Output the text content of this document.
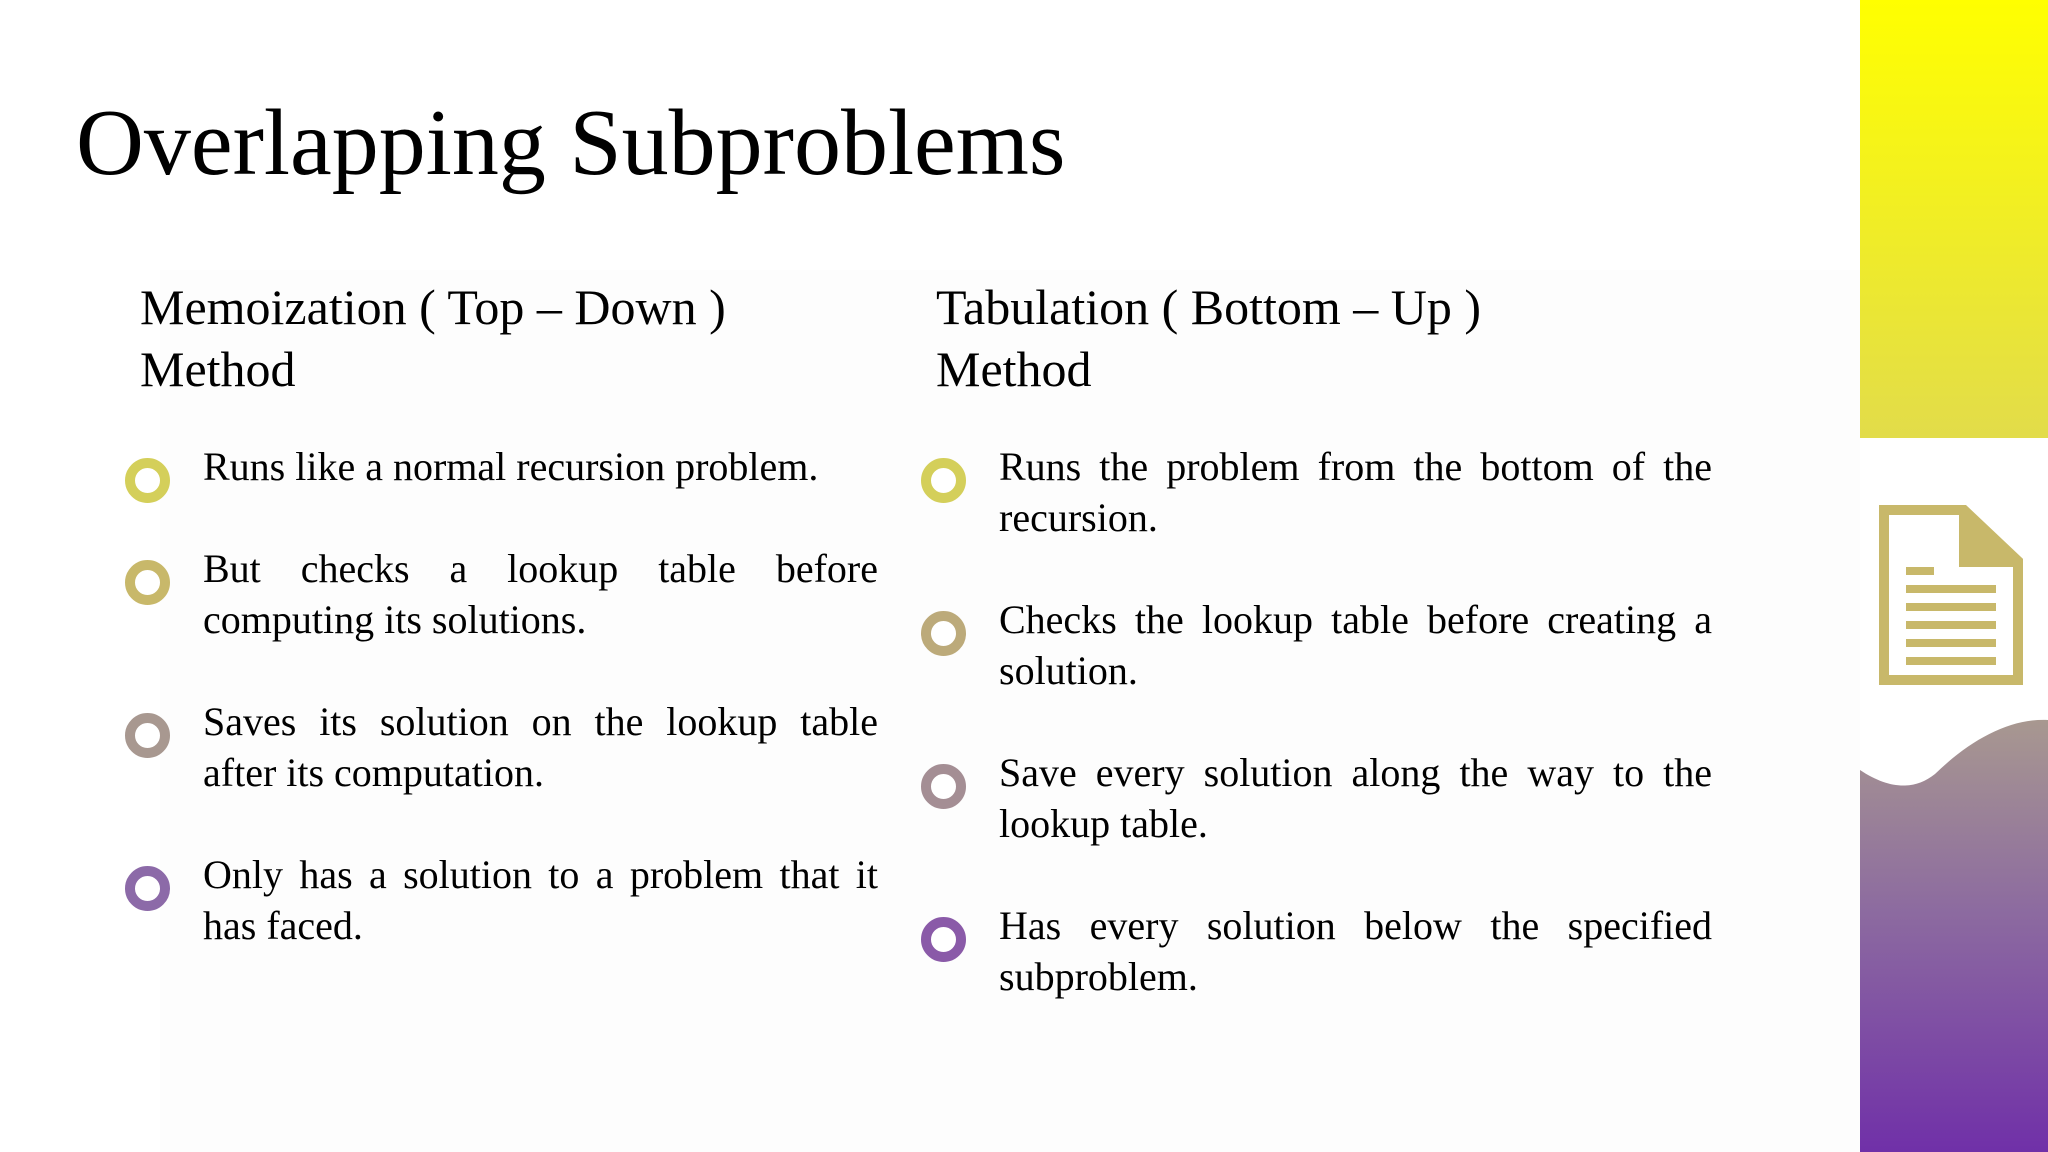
Overlapping Subproblems
Memoization ( Top – Down )
Method
Runs like a normal recursion problem.
But checks a lookup table before computing its solutions.
Saves its solution on the lookup table after its computation.
Only has a solution to a problem that it has faced.
Tabulation ( Bottom – Up )
Method
Runs the problem from the bottom of the recursion.
Checks the lookup table before creating a solution.
Save every solution along the way to the lookup table.
Has every solution below the specified subproblem.
